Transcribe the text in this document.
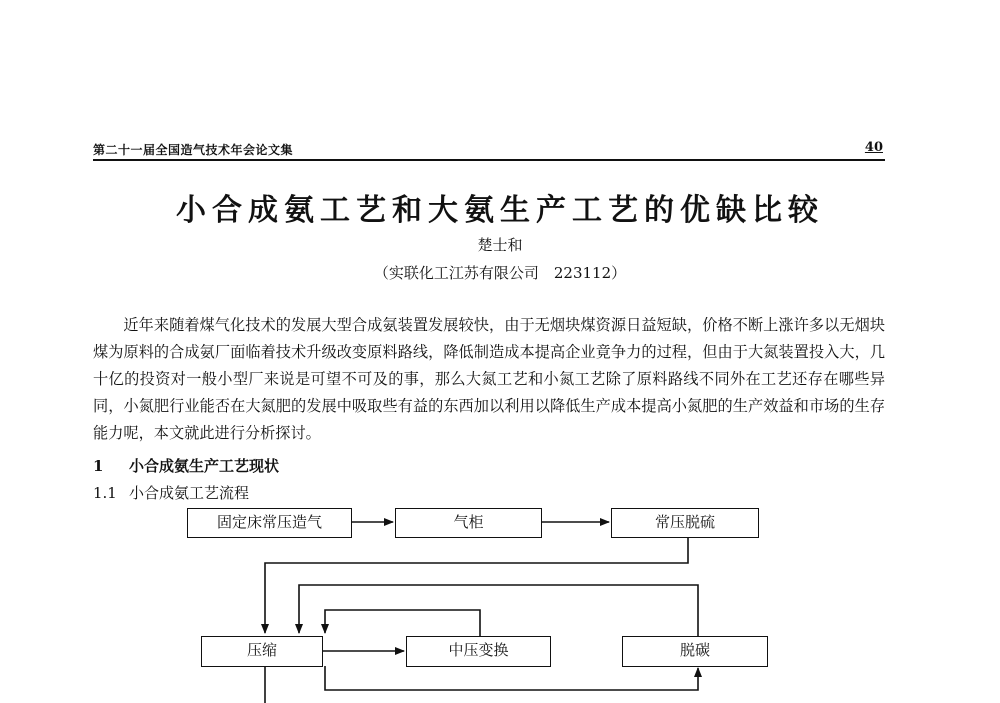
第二十一届全国造气技术年会论文集	40
小合成氨工艺和大氨生产工艺的优缺比较
楚士和
（实联化工江苏有限公司　223112）

近年来随着煤气化技术的发展大型合成氨装置发展较快，由于无烟块煤资源日益短缺，价格不断上涨许多以无烟块煤为原料的合成氨厂面临着技术升级改变原料路线，降低制造成本提高企业竟争力的过程，但由于大氮装置投入大，几十亿的投资对一般小型厂来说是可望不可及的事，那么大氮工艺和小氮工艺除了原料路线不同外在工艺还存在哪些异同，小氮肥行业能否在大氮肥的发展中吸取些有益的东西加以利用以降低生产成本提高小氮肥的生产效益和市场的生存能力呢，本文就此进行分析探讨。

1 小合成氨生产工艺现状
1.1 小合成氨工艺流程
固定床常压造气	气柜	常压脱硫
压缩	中压变换	脱碳
